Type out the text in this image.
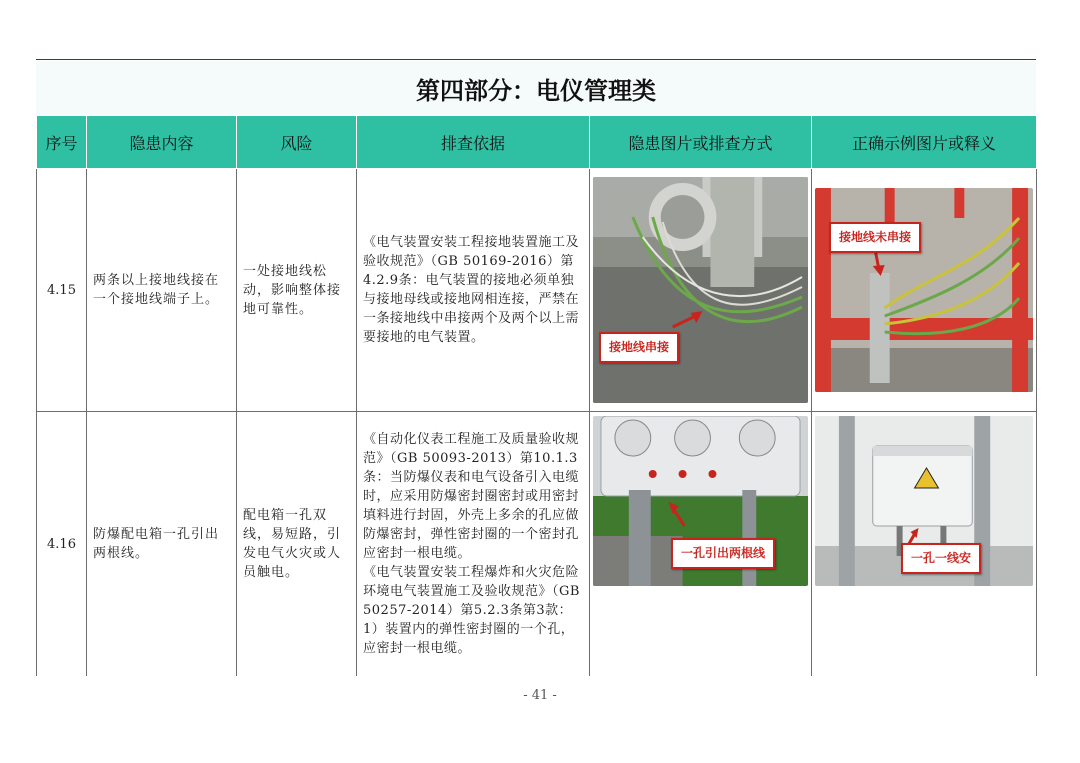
第四部分：电仪管理类
序号	隐患内容	风险	排查依据	隐患图片或排查方式	正确示例图片或释义
4.15	两条以上接地线接在一个接地线端子上。	一处接地线松动，影响整体接地可靠性。	《电气装置安装工程接地装置施工及验收规范》（GB 50169-2016）第4.2.9条：电气装置的接地必须单独与接地母线或接地网相连接，严禁在一条接地线中串接两个及两个以上需要接地的电气装置。	接地线串接	接地线未串接

4.16	防爆配电箱一孔引出两根线。	配电箱一孔双线，易短路，引发电气火灾或人员触电。	《自动化仪表工程施工及质量验收规范》（GB 50093-2013）第10.1.3条：当防爆仪表和电气设备引入电缆时，应采用防爆密封圈密封或用密封填料进行封固，外壳上多余的孔应做防爆密封，弹性密封圈的一个密封孔应密封一根电缆。
《电气装置安装工程爆炸和火灾危险环境电气装置施工及验收规范》（GB 50257-2014）第5.2.3条第3款：1）装置内的弹性密封圈的一个孔，应密封一根电缆。	一孔引出两根线	一孔一线安
- 41 -
